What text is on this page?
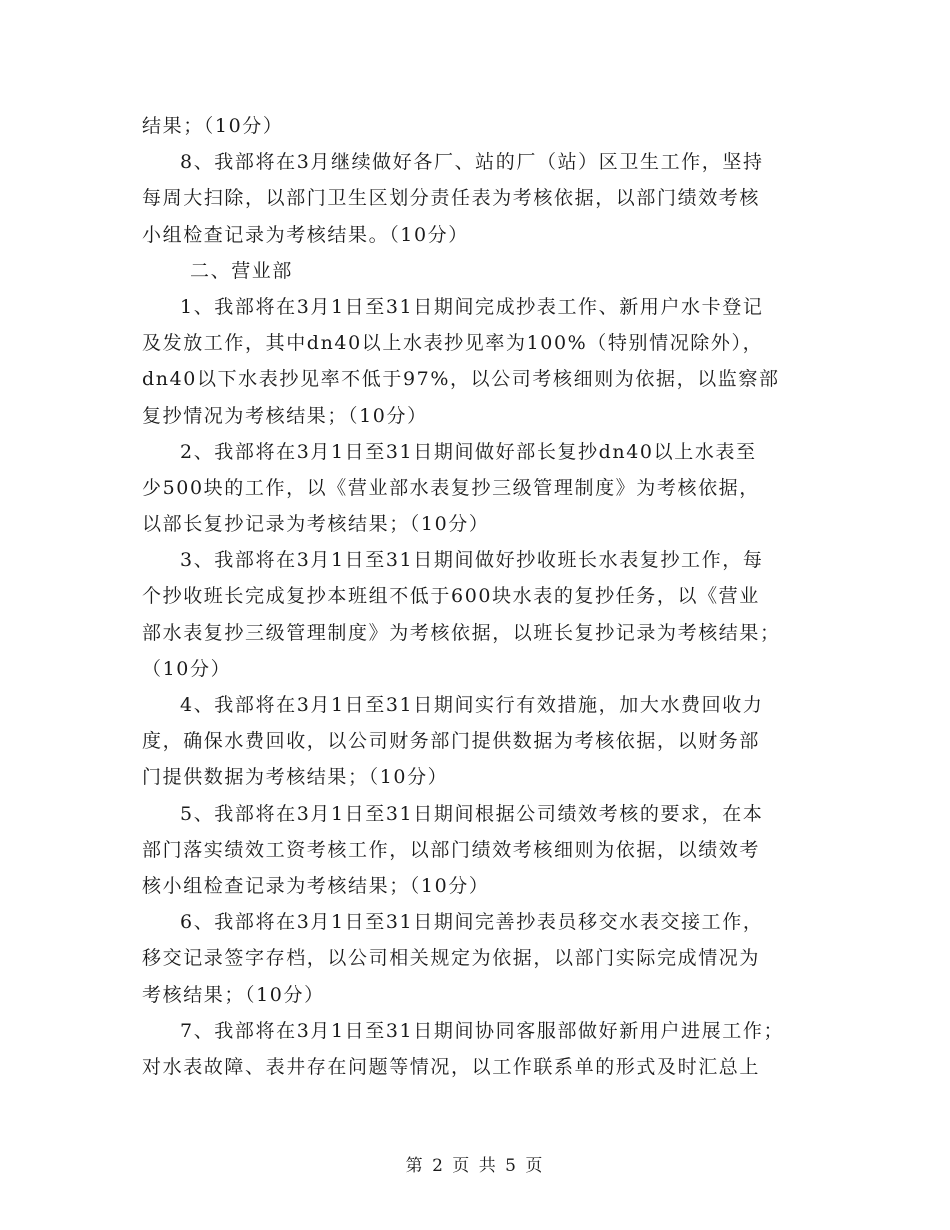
结果；（10分）
8、我部将在3月继续做好各厂、站的厂（站）区卫生工作，坚持
每周大扫除，以部门卫生区划分责任表为考核依据，以部门绩效考核
小组检查记录为考核结果。（10分）
二、营业部
1、我部将在3月1日至31日期间完成抄表工作、新用户水卡登记
及发放工作，其中dn40以上水表抄见率为100%（特别情况除外），
dn40以下水表抄见率不低于97%，以公司考核细则为依据，以监察部
复抄情况为考核结果；（10分）
2、我部将在3月1日至31日期间做好部长复抄dn40以上水表至
少500块的工作，以《营业部水表复抄三级管理制度》为考核依据，
以部长复抄记录为考核结果；（10分）
3、我部将在3月1日至31日期间做好抄收班长水表复抄工作，每
个抄收班长完成复抄本班组不低于600块水表的复抄任务，以《营业
部水表复抄三级管理制度》为考核依据，以班长复抄记录为考核结果；
（10分）
4、我部将在3月1日至31日期间实行有效措施，加大水费回收力
度，确保水费回收，以公司财务部门提供数据为考核依据，以财务部
门提供数据为考核结果；（10分）
5、我部将在3月1日至31日期间根据公司绩效考核的要求，在本
部门落实绩效工资考核工作，以部门绩效考核细则为依据，以绩效考
核小组检查记录为考核结果；（10分）
6、我部将在3月1日至31日期间完善抄表员移交水表交接工作，
移交记录签字存档，以公司相关规定为依据，以部门实际完成情况为
考核结果；（10分）
7、我部将在3月1日至31日期间协同客服部做好新用户进展工作；
对水表故障、表井存在问题等情况，以工作联系单的形式及时汇总上
第 2 页 共 5 页
